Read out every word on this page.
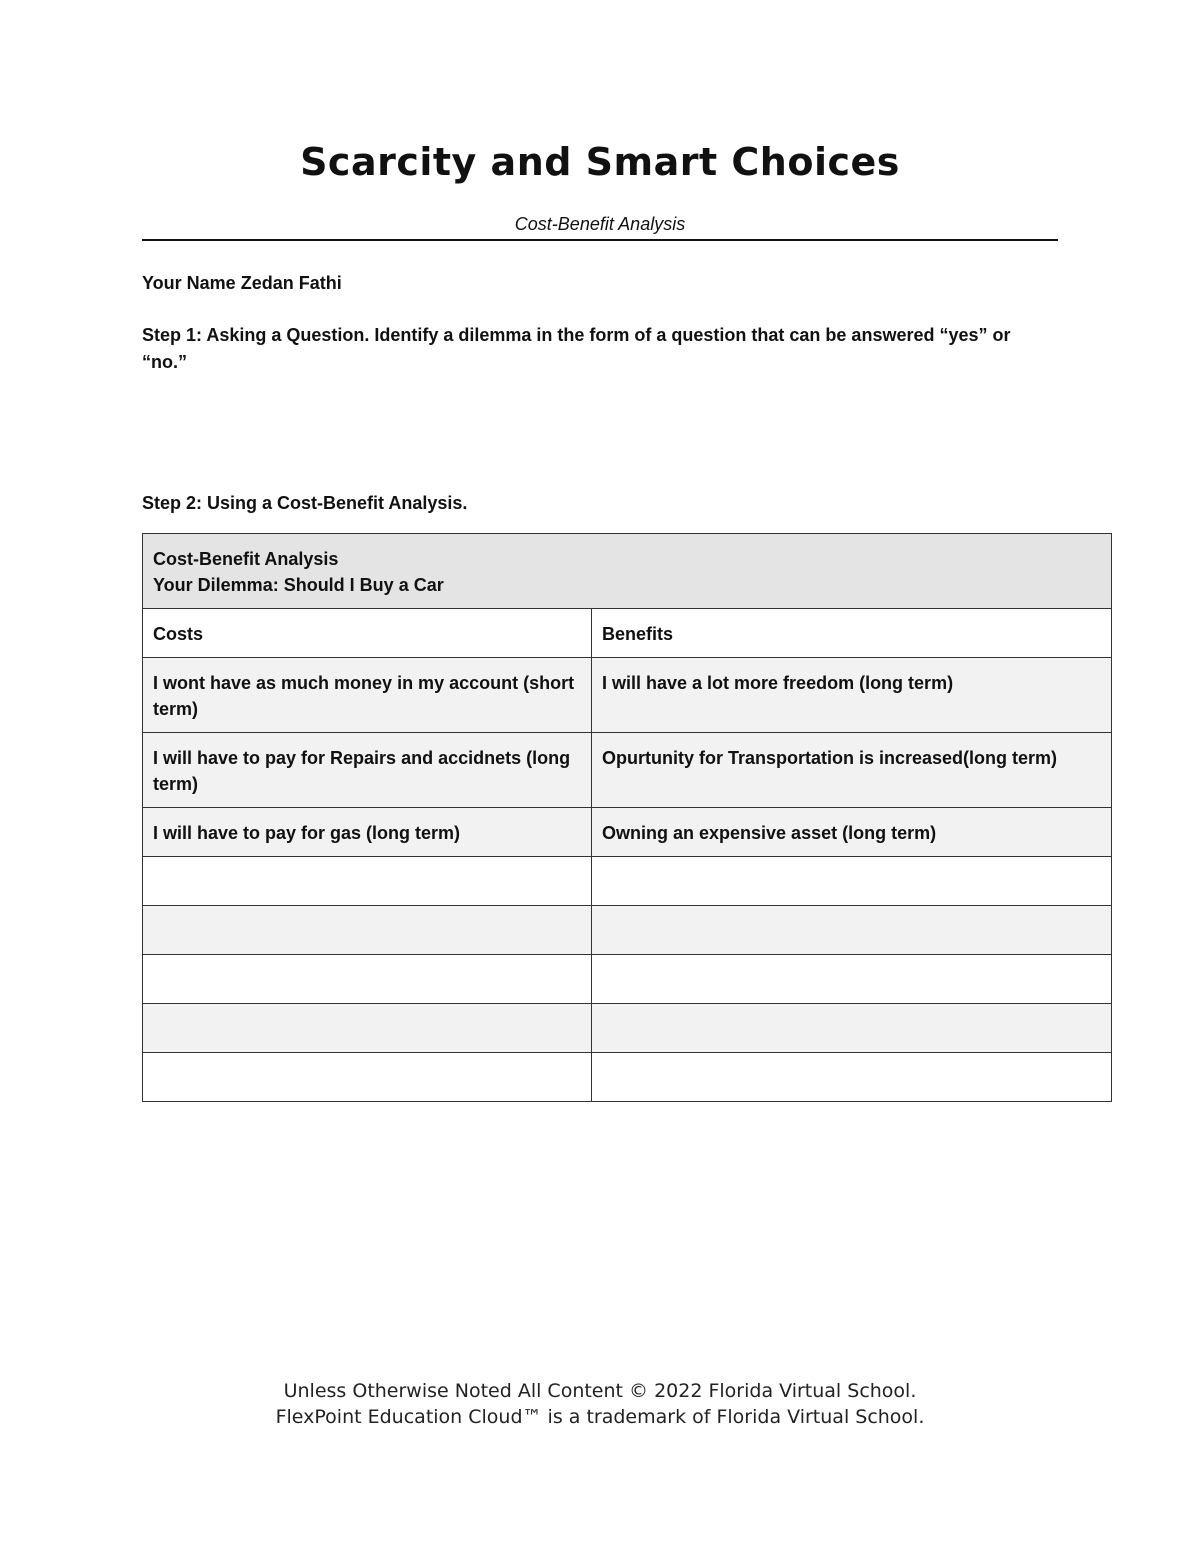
Scarcity and Smart Choices
Cost-Benefit Analysis
Your Name Zedan Fathi
Step 1: Asking a Question. Identify a dilemma in the form of a question that can be answered “yes” or
“no.”
Step 2: Using a Cost-Benefit Analysis.
Cost-Benefit Analysis
Your Dilemma: Should I Buy a Car	

Costs	Benefits
I wont have as much money in my account (short term)	I will have a lot more freedom (long term)
I will have to pay for Repairs and accidnets (long term)	Opurtunity for Transportation is increased(long term)
I will have to pay for gas (long term)	Owning an expensive asset (long term)

Unless Otherwise Noted All Content © 2022 Florida Virtual School.
FlexPoint Education Cloud™ is a trademark of Florida Virtual School.
